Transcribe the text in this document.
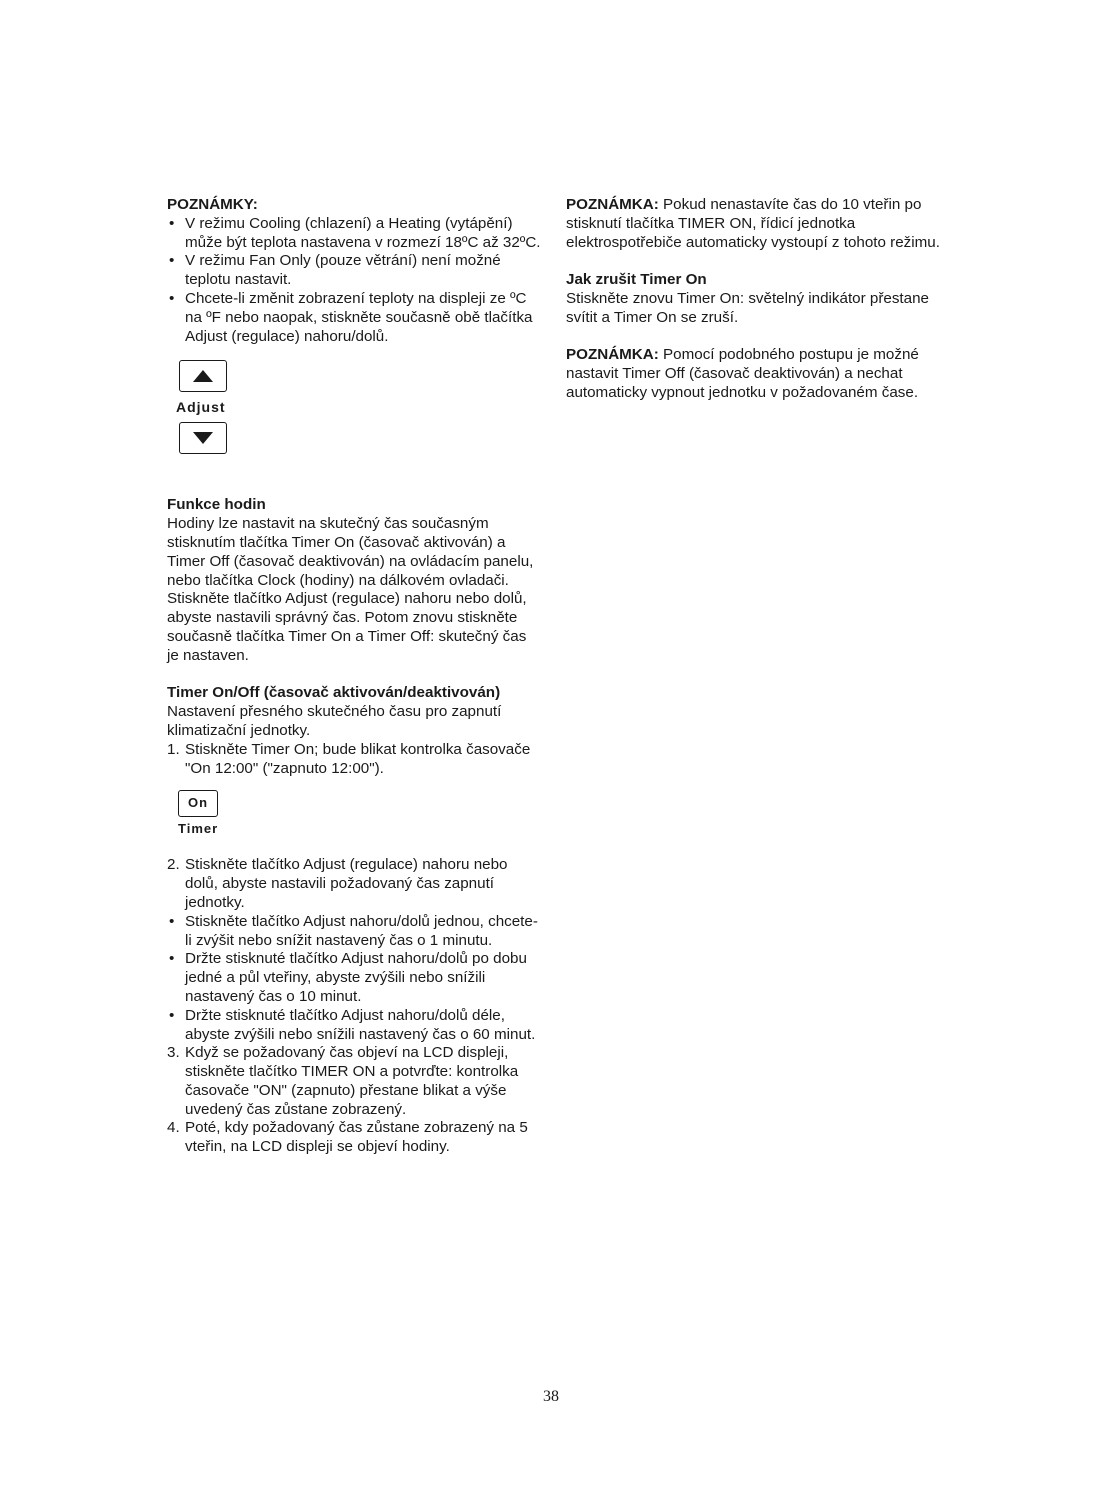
POZNÁMKY:

• V režimu Cooling (chlazení) a Heating (vytápění) může být teplota nastavena v rozmezí 18ºC až 32ºC.
• V režimu Fan Only (pouze větrání) není možné teplotu nastavit.
• Chcete-li změnit zobrazení teploty na displeji ze ºC na ºF nebo naopak, stiskněte současně obě tlačítka Adjust (regulace) nahoru/dolů.
Adjust

Funkce hodin

Hodiny lze nastavit na skutečný čas současným stisknutím tlačítka Timer On (časovač aktivován) a Timer Off (časovač deaktivován) na ovládacím panelu, nebo tlačítka Clock (hodiny) na dálkovém ovladači. Stiskněte tlačítko Adjust (regulace) nahoru nebo dolů, abyste nastavili správný čas. Potom znovu stiskněte současně tlačítka Timer On a Timer Off: skutečný čas je nastaven.

Timer On/Off (časovač aktivován/deaktivován)

Nastavení přesného skutečného času pro zapnutí klimatizační jednotky.

1. Stiskněte Timer On; bude blikat kontrolka časovače "On 12:00" ("zapnuto 12:00").
On
Timer
2. Stiskněte tlačítko Adjust (regulace) nahoru nebo dolů, abyste nastavili požadovaný čas zapnutí jednotky.
• Stiskněte tlačítko Adjust nahoru/dolů jednou, chcete-li zvýšit nebo snížit nastavený čas o 1 minutu.
• Držte stisknuté tlačítko Adjust nahoru/dolů po dobu jedné a půl vteřiny, abyste zvýšili nebo snížili nastavený čas o 10 minut.
• Držte stisknuté tlačítko Adjust nahoru/dolů déle, abyste zvýšili nebo snížili nastavený čas o 60 minut.
3. Když se požadovaný čas objeví na LCD displeji, stiskněte tlačítko TIMER ON a potvrďte: kontrolka časovače "ON" (zapnuto) přestane blikat a výše uvedený čas zůstane zobrazený.
4. Poté, kdy požadovaný čas zůstane zobrazený na 5 vteřin, na LCD displeji se objeví hodiny.

POZNÁMKA: Pokud nenastavíte čas do 10 vteřin po stisknutí tlačítka TIMER ON, řídicí jednotka elektrospotřebiče automaticky vystoupí z tohoto režimu.

Jak zrušit Timer On

Stiskněte znovu Timer On: světelný indikátor přestane svítit a Timer On se zruší.

POZNÁMKA: Pomocí podobného postupu je možné nastavit Timer Off (časovač deaktivován) a nechat automaticky vypnout jednotku v požadovaném čase.

38
